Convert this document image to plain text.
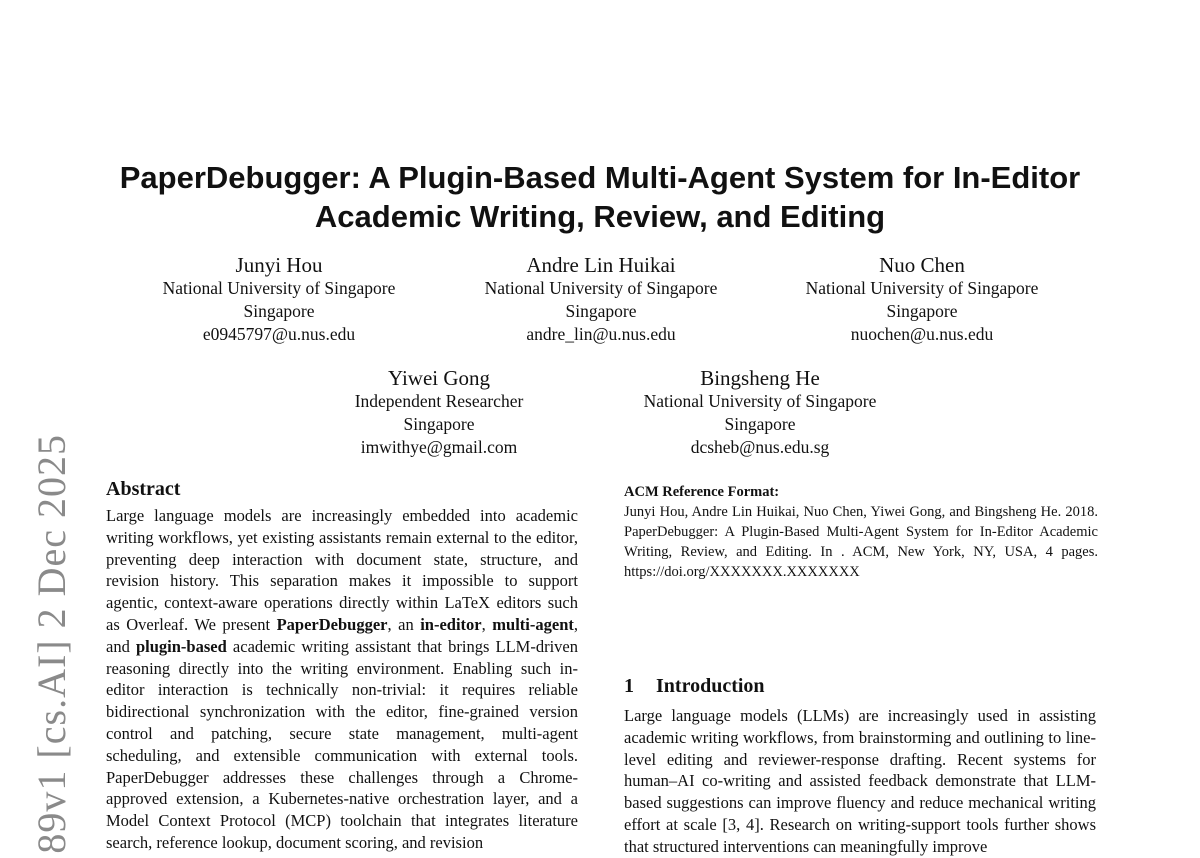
89v1 [cs.AI] 2 Dec 2025
PaperDebugger: A Plugin-Based Multi-Agent System for In-Editor Academic Writing, Review, and Editing
Junyi Hou
National University of Singapore
Singapore
e0945797@u.nus.edu
Andre Lin Huikai
National University of Singapore
Singapore
andre_lin@u.nus.edu
Nuo Chen
National University of Singapore
Singapore
nuochen@u.nus.edu
Yiwei Gong
Independent Researcher
Singapore
imwithye@gmail.com
Bingsheng He
National University of Singapore
Singapore
dcsheb@nus.edu.sg
Abstract
Large language models are increasingly embedded into academic writing workflows, yet existing assistants remain external to the editor, preventing deep interaction with document state, structure, and revision history. This separation makes it impossible to support agentic, context-aware operations directly within LaTeX editors such as Overleaf. We present PaperDebugger, an in-editor, multi-agent, and plugin-based academic writing assistant that brings LLM-driven reasoning directly into the writing environment. Enabling such in-editor interaction is technically non-trivial: it requires reliable bidirectional synchronization with the editor, fine-grained version control and patching, secure state management, multi-agent scheduling, and extensible communication with external tools. PaperDebugger addresses these challenges through a Chrome-approved extension, a Kubernetes-native orchestration layer, and a Model Context Protocol (MCP) toolchain that integrates literature search, reference lookup, document scoring, and revision
ACM Reference Format:
Junyi Hou, Andre Lin Huikai, Nuo Chen, Yiwei Gong, and Bingsheng He. 2018. PaperDebugger: A Plugin-Based Multi-Agent System for In-Editor Academic Writing, Review, and Editing. In . ACM, New York, NY, USA, 4 pages. https://doi.org/XXXXXXX.XXXXXXX
1 Introduction
Large language models (LLMs) are increasingly used in assisting academic writing workflows, from brainstorming and outlining to line-level editing and reviewer-response drafting. Recent systems for human–AI co-writing and assisted feedback demonstrate that LLM-based suggestions can improve fluency and reduce mechanical writing effort at scale [3, 4]. Research on writing-support tools further shows that structured interventions can meaningfully improve
